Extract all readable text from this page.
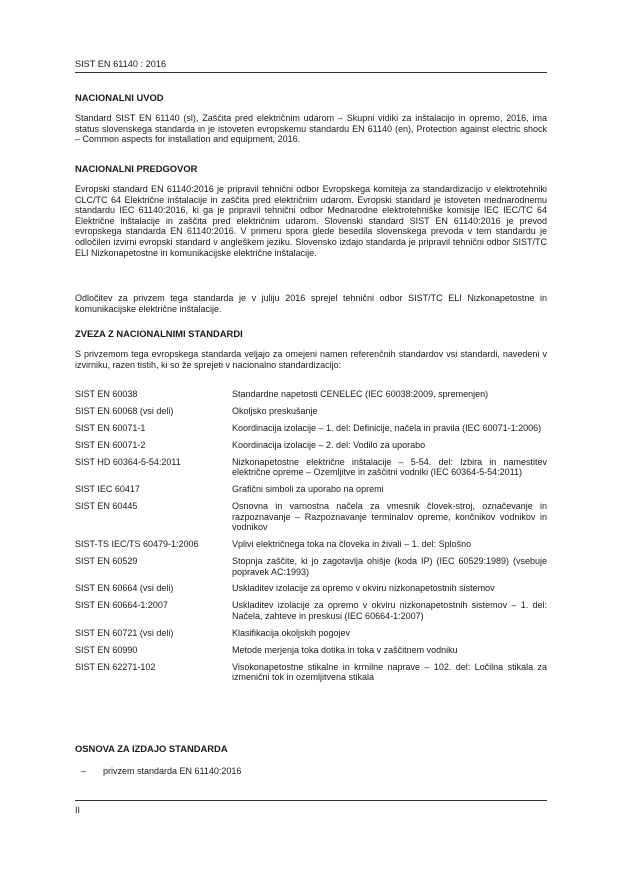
SIST EN 61140 : 2016
NACIONALNI UVOD

Standard SIST EN 61140 (sl), Zaščita pred električnim udarom – Skupni vidiki za inštalacijo in opremo, 2016, ima status slovenskega standarda in je istoveten evropskemu standardu EN 61140 (en), Protection against electric shock – Common aspects for installation and equipment, 2016.

NACIONALNI PREDGOVOR

Evropski standard EN 61140:2016 je pripravil tehnični odbor Evropskega komiteja za standardizacijo v elektrotehniki CLC/TC 64 Električne inštalacije in zaščita pred električnim udarom. Evropski standard je istoveten mednarodnemu standardu IEC 61140:2016, ki ga je pripravil tehnični odbor Mednarodne elektrotehniške komisije IEC IEC/TC 64 Električne inštalacije in zaščita pred električnim udarom. Slovenski standard SIST EN 61140:2016 je prevod evropskega standarda EN 61140:2016. V primeru spora glede besedila slovenskega prevoda v tem standardu je odločilen izvirni evropski standard v angleškem jeziku. Slovensko izdajo standarda je pripravil tehnični odbor SIST/TC ELI Nizkonapetostne in komunikacijske električne inštalacije.

Odločitev za privzem tega standarda je v juliju 2016 sprejel tehnični odbor SIST/TC ELI Nizkonapetostne in komunikacijske električne inštalacije.

ZVEZA Z NACIONALNIMI STANDARDI

S privzemom tega evropskega standarda veljajo za omejeni namen referenčnih standardov vsi standardi, navedeni v izvirniku, razen tistih, ki so že sprejeti v nacionalno standardizacijo:

SIST EN 60038	Standardne napetosti CENELEC (IEC 60038:2009, spremenjen)
SIST EN 60068 (vsi deli)	Okoljsko preskušanje
SIST EN 60071-1	Koordinacija izolacije – 1. del: Definicije, načela in pravila (IEC 60071-1:2006)
SIST EN 60071-2	Koordinacija izolacije – 2. del: Vodilo za uporabo
SIST HD 60364-5-54:2011	Nizkonapetostne električne inštalacije – 5-54. del: Izbira in namestitev električne opreme – Ozemljitve in zaščitni vodniki (IEC 60364-5-54:2011)
SIST IEC 60417	Grafični simboli za uporabo na opremi
SIST EN 60445	Osnovna in varnostna načela za vmesnik človek-stroj, označevanje in razpoznavanje – Razpoznavanje terminalov opreme, končnikov vodnikov in vodnikov
SIST-TS IEC/TS 60479-1:2006	Vplivi električnega toka na človeka in živali – 1. del: Splošno
SIST EN 60529	Stopnja zaščite, ki jo zagotavlja ohišje (koda IP) (IEC 60529:1989) (vsebuje popravek AC:1993)
SIST EN 60664 (vsi deli)	Uskladitev izolacije za opremo v okviru nizkonapetostnih sistemov
SIST EN 60664-1:2007	Uskladitev izolacije za opremo v okviru nizkonapetostnih sistemov – 1. del: Načela, zahteve in preskusi (IEC 60664-1:2007)
SIST EN 60721 (vsi deli)	Klasifikacija okoljskih pogojev
SIST EN 60990	Metode merjenja toka dotika in toka v zaščitnem vodniku
SIST EN 62271-102	Visokonapetostne stikalne in krmilne naprave – 102. del: Ločilna stikala za izmenični tok in ozemljitvena stikala
OSNOVA ZA IZDAJO STANDARDA
– privzem standarda EN 61140:2016
II
